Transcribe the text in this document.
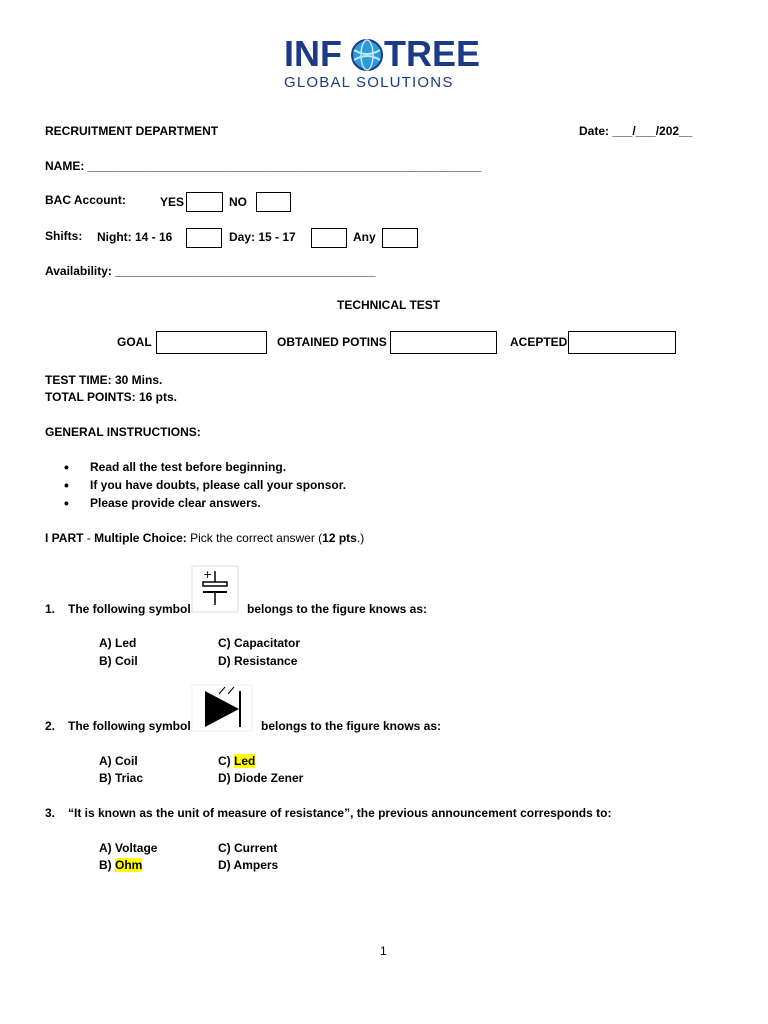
INF TREE
GLOBAL SOLUTIONS
RECRUITMENT DEPARTMENT	Date: ___/___/202__
NAME: ___________________________________________________________
BAC Account:	YES	NO
Shifts: Night: 14 - 16	Day: 15 - 17	Any
Availability: _______________________________________
TECHNICAL TEST
GOAL	OBTAINED POTINS	ACEPTED
TEST TIME: 30 Mins.
TOTAL POINTS: 16 pts.
GENERAL INSTRUCTIONS:
• Read all the test before beginning.
• If you have doubts, please call your sponsor.
• Please provide clear answers.
I PART - Multiple Choice: Pick the correct answer (12 pts.)
+
1. The following symbol	belongs to the figure knows as:
A) Led
B) Coil
C) Capacitator
D) Resistance
2. The following symbol	belongs to the figure knows as:
A) Coil
B) Triac
C) Led
D) Diode Zener
3. “It is known as the unit of measure of resistance”, the previous announcement corresponds to:
A) Voltage
B) Ohm
C) Current
D) Ampers
1
